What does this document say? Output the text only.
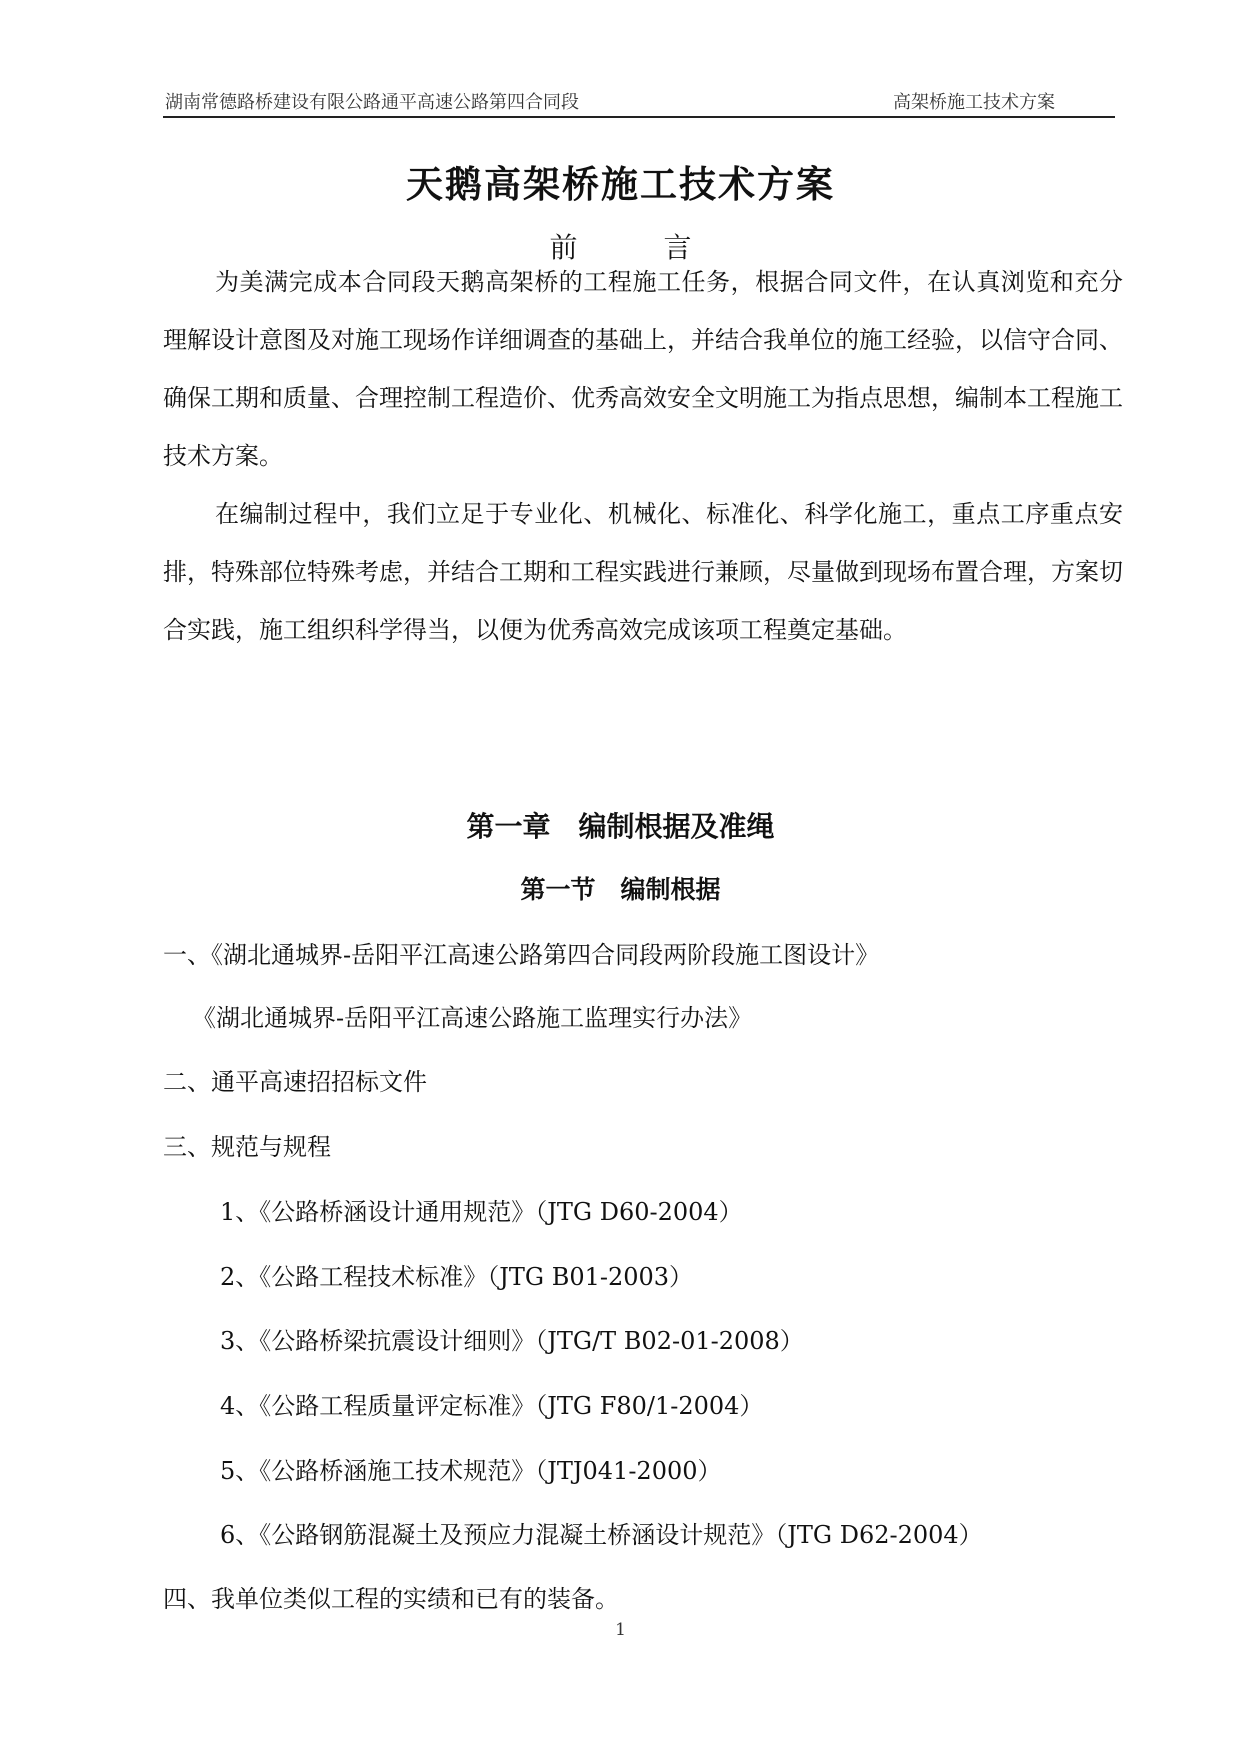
湖南常德路桥建设有限公路通平高速公路第四合同段	高架桥施工技术方案
天鹅高架桥施工技术方案
前	言

为美满完成本合同段天鹅高架桥的工程施工任务，根据合同文件，在认真浏览和充分理解设计意图及对施工现场作详细调查的基础上，并结合我单位的施工经验，以信守合同、确保工期和质量、合理控制工程造价、优秀高效安全文明施工为指点思想，编制本工程施工技术方案。

在编制过程中，我们立足于专业化、机械化、标准化、科学化施工，重点工序重点安排，特殊部位特殊考虑，并结合工期和工程实践进行兼顾，尽量做到现场布置合理，方案切合实践，施工组织科学得当，以便为优秀高效完成该项工程奠定基础。

第一章　编制根据及准绳
第一节　编制根据
一、《湖北通城界-岳阳平江高速公路第四合同段两阶段施工图设计》
《湖北通城界-岳阳平江高速公路施工监理实行办法》
二、通平高速招招标文件
三、规范与规程
1、《公路桥涵设计通用规范》（JTG D60-2004）
2、《公路工程技术标准》（JTG B01-2003）
3、《公路桥梁抗震设计细则》（JTG/T B02-01-2008）
4、《公路工程质量评定标准》（JTG F80/1-2004）
5、《公路桥涵施工技术规范》（JTJ041-2000）
6、《公路钢筋混凝土及预应力混凝土桥涵设计规范》（JTG D62-2004）
四、我单位类似工程的实绩和已有的装备。
1
